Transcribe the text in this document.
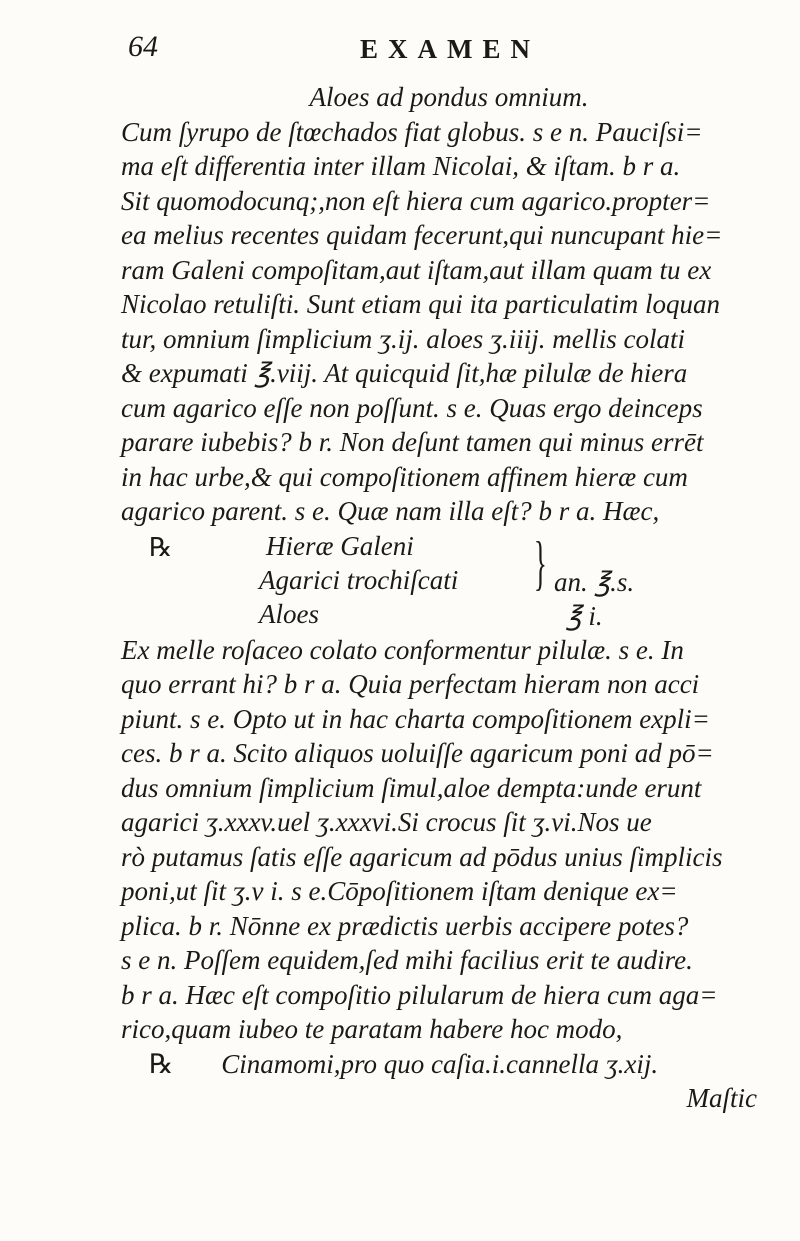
64	EXAMEN
Aloes ad pondus omnium.
Cum ſyrupo de ſtœchados fiat globus. s e n. Pauciſsi=
ma eſt differentia inter illam Nicolai, & iſtam. b r a.
Sit quomodocunq;,non eſt hiera cum agarico.propter=
ea melius recentes quidam fecerunt,qui nuncupant hie=
ram Galeni compoſitam,aut iſtam,aut illam quam tu ex
Nicolao retuliſti. Sunt etiam qui ita particulatim loquan
tur, omnium ſimplicium ʒ.ij. aloes ʒ.iiij. mellis colati
& expumati ℥.viij. At quicquid ſit,hæ pilulæ de hiera
cum agarico eſſe non poſſunt. s e. Quas ergo deinceps
parare iubebis? b r. Non deſunt tamen qui minus errēt
in hac urbe,& qui compoſitionem affinem hieræ cum
agarico parent. s e. Quæ nam illa eſt? b r a. Hæc,
℞	Hieræ Galeni
Agarici trochiſcati
Aloes
} an. ℥.s.
℥ i.
Ex melle roſaceo colato conformentur pilulæ. s e. In
quo errant hi? b r a. Quia perfectam hieram non acci
piunt. s e. Opto ut in hac charta compoſitionem expli=
ces. b r a. Scito aliquos uoluiſſe agaricum poni ad pō=
dus omnium ſimplicium ſimul,aloe dempta:unde erunt
agarici ʒ.xxxv.uel ʒ.xxxvi.Si crocus ſit ʒ.vi.Nos ue
rò putamus ſatis eſſe agaricum ad pōdus unius ſimplicis
poni,ut ſit ʒ.v i. s e.Cōpoſitionem iſtam denique ex=
plica. b r. Nōnne ex prædictis uerbis accipere potes?
s e n. Poſſem equidem,ſed mihi facilius erit te audire.
b r a. Hæc eſt compoſitio pilularum de hiera cum aga=
rico,quam iubeo te paratam habere hoc modo,
℞ Cinamomi,pro quo caſia.i.cannella ʒ.xij.
Maſtic
